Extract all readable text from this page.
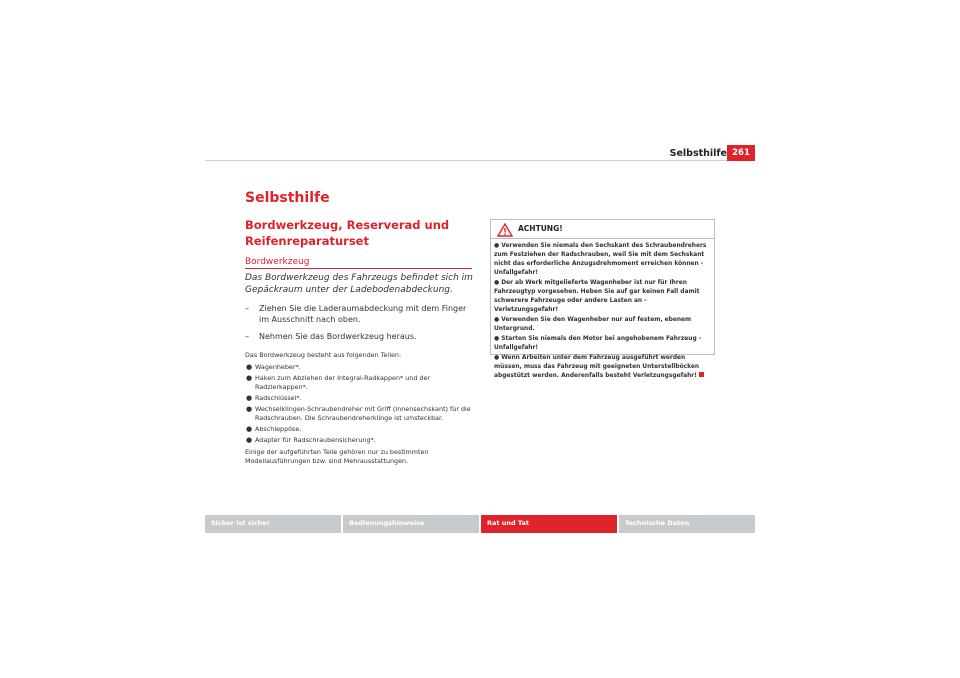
Selbsthilfe 261
Selbsthilfe
Bordwerkzeug, Reserverad und Reifenreparaturset
Bordwerkzeug
Das Bordwerkzeug des Fahrzeugs befindet sich im Gepäckraum unter der Ladebodenabdeckung.
– Ziehen Sie die Laderaumabdeckung mit dem Finger im Ausschnitt nach oben.
– Nehmen Sie das Bordwerkzeug heraus.

Das Bordwerkzeug besteht aus folgenden Teilen:

● Wagenheber*.
● Haken zum Abziehen der Integral-Radkappen* und der Radzierkappen*.
● Radschlüssel*.
● Wechselklingen-Schraubendreher mit Griff (Innensechskant) für die Radschrauben. Die Schraubendreherklinge ist umsteckbar.
● Abschleppöse.
● Adapter für Radschraubensicherung*.

Einige der aufgeführten Teile gehören nur zu bestimmten Modellausführungen bzw. sind Mehrausstattungen.

ACHTUNG!
● Verwenden Sie niemals den Sechskant des Schraubendrehers zum Festziehen der Radschrauben, weil Sie mit dem Sechskant nicht das erforderliche Anzugsdrehmoment erreichen können - Unfallgefahr!
● Der ab Werk mitgelieferte Wagenheber ist nur für Ihren Fahrzeugtyp vorgesehen. Heben Sie auf gar keinen Fall damit schwerere Fahrzeuge oder andere Lasten an - Verletzungsgefahr!
● Verwenden Sie den Wagenheber nur auf festem, ebenem Untergrund.
● Starten Sie niemals den Motor bei angehobenem Fahrzeug - Unfallgefahr!
● Wenn Arbeiten unter dem Fahrzeug ausgeführt werden müssen, muss das Fahrzeug mit geeigneten Unterstellböcken abgestützt werden. Anderenfalls besteht Verletzungsgefahr!
Sicher ist sicher	Bedienungshinweise	Rat und Tat	Technische Daten
